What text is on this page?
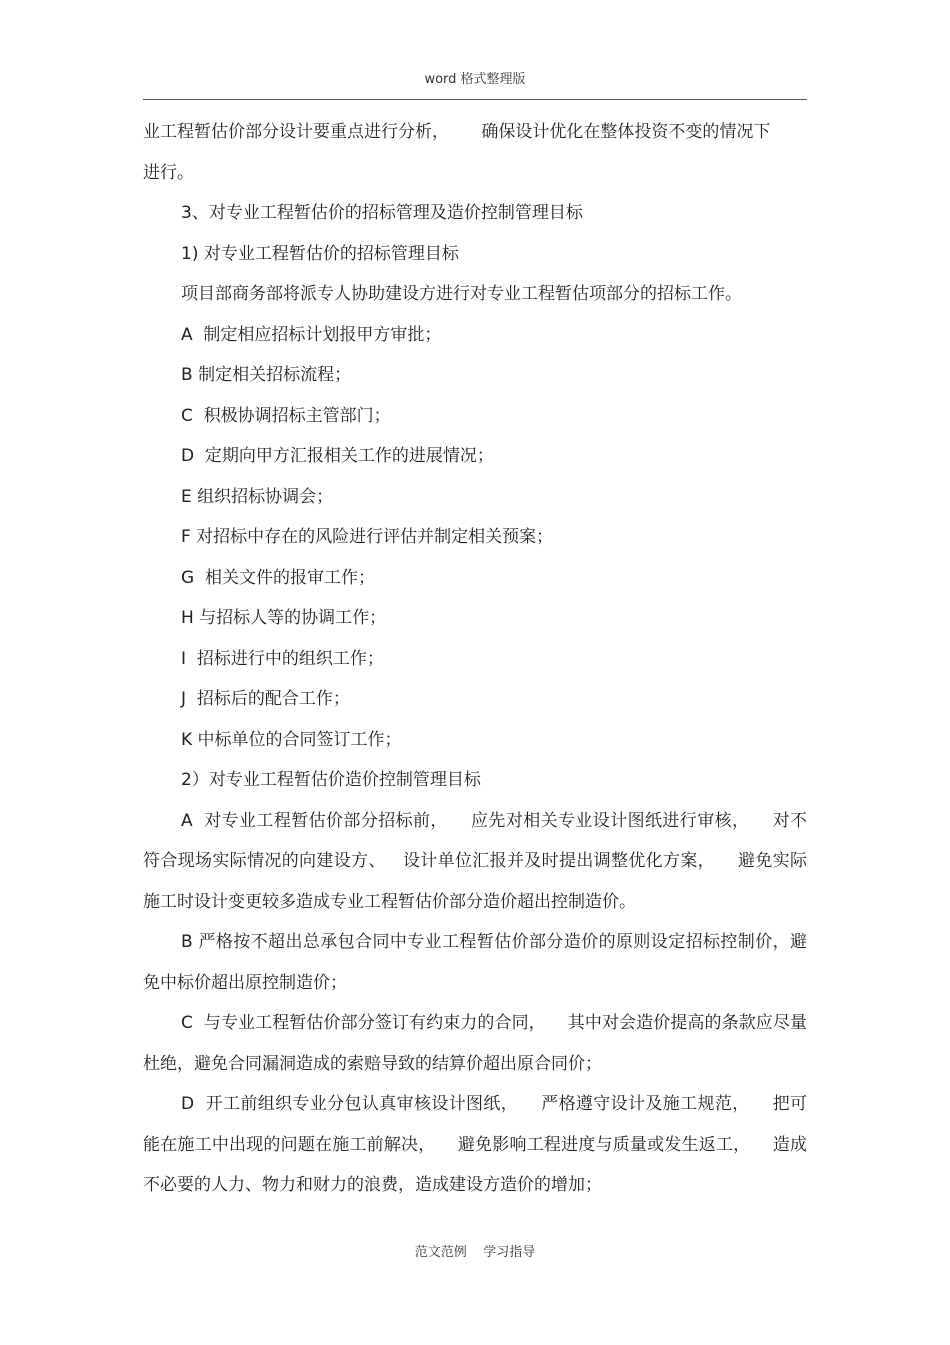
word 格式整理版

业工程暂估价部分设计要重点进行分析，      确保设计优化在整体投资不变的情况下

进行。

3、对专业工程暂估价的招标管理及造价控制管理目标

1) 对专业工程暂估价的招标管理目标

项目部商务部将派专人协助建设方进行对专业工程暂估项部分的招标工作。

A  制定相应招标计划报甲方审批；

B 制定相关招标流程；

C  积极协调招标主管部门；

D  定期向甲方汇报相关工作的进展情况；

E 组织招标协调会；

F 对招标中存在的风险进行评估并制定相关预案；

G  相关文件的报审工作；

H 与招标人等的协调工作；

I  招标进行中的组织工作；

J  招标后的配合工作；

K 中标单位的合同签订工作；

2）对专业工程暂估价造价控制管理目标

A  对专业工程暂估价部分招标前，    应先对相关专业设计图纸进行审核，    对不符合现场实际情况的向建设方、   设计单位汇报并及时提出调整优化方案，    避免实际施工时设计变更较多造成专业工程暂估价部分造价超出控制造价。

B 严格按不超出总承包合同中专业工程暂估价部分造价的原则设定招标控制价，避免中标价超出原控制造价；

C  与专业工程暂估价部分签订有约束力的合同，    其中对会造价提高的条款应尽量杜绝，避免合同漏洞造成的索赔导致的结算价超出原合同价；

D  开工前组织专业分包认真审核设计图纸，    严格遵守设计及施工规范，    把可能在施工中出现的问题在施工前解决，    避免影响工程进度与质量或发生返工，    造成不必要的人力、物力和财力的浪费，造成建设方造价的增加；

范文范例    学习指导
